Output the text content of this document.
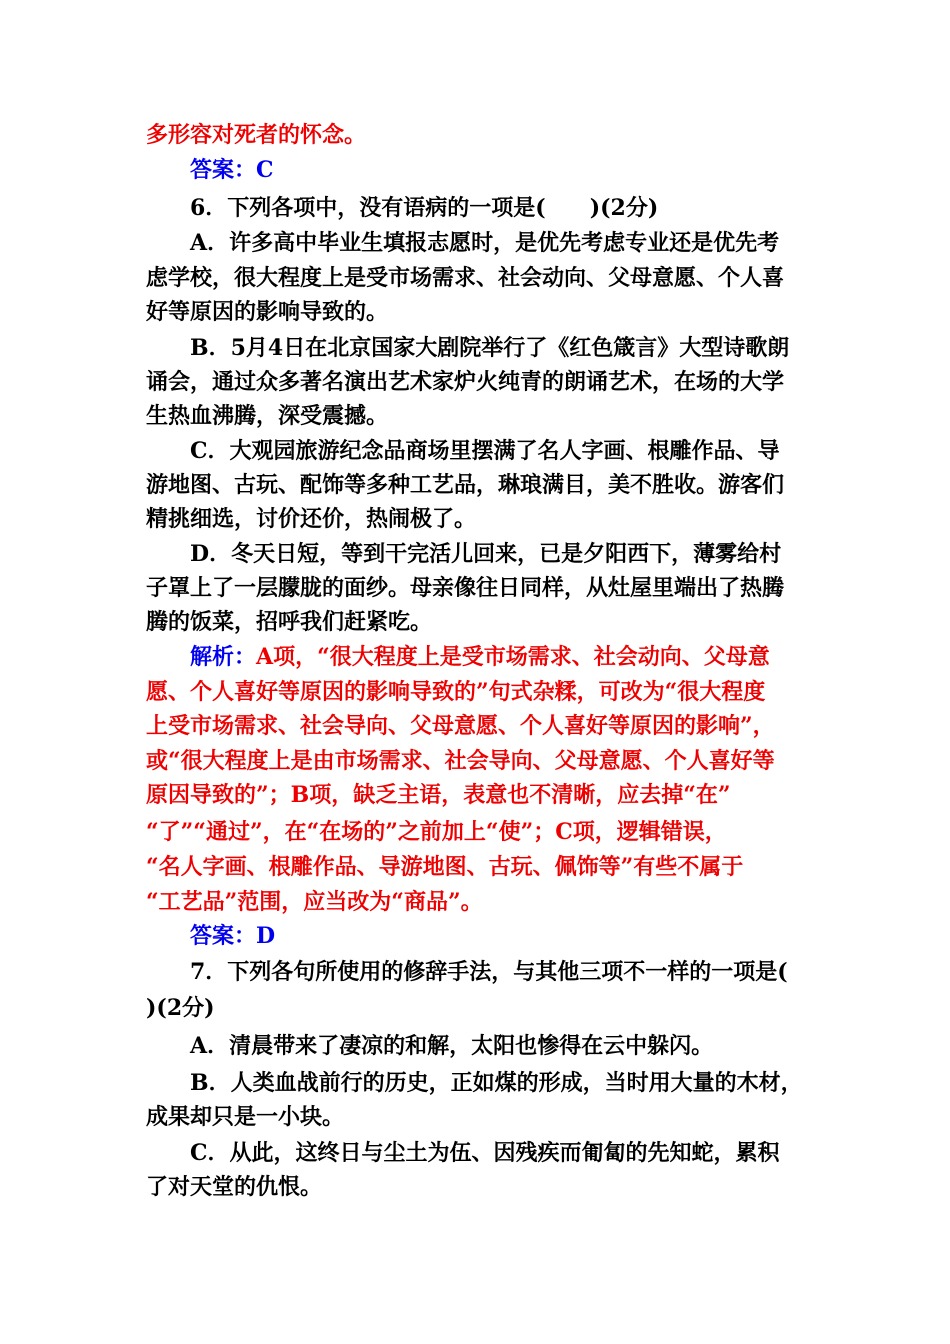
多形容对死者的怀念。
答案：C
6．下列各项中，没有语病的一项是(　　)(2分)
A．许多高中毕业生填报志愿时，是优先考虑专业还是优先考
虑学校，很大程度上是受市场需求、社会动向、父母意愿、个人喜
好等原因的影响导致的。
B．5月4日在北京国家大剧院举行了《红色箴言》大型诗歌朗
诵会，通过众多著名演出艺术家炉火纯青的朗诵艺术，在场的大学
生热血沸腾，深受震撼。
C．大观园旅游纪念品商场里摆满了名人字画、根雕作品、导
游地图、古玩、配饰等多种工艺品，琳琅满目，美不胜收。游客们
精挑细选，讨价还价，热闹极了。
D．冬天日短，等到干完活儿回来，已是夕阳西下，薄雾给村
子罩上了一层朦胧的面纱。母亲像往日同样，从灶屋里端出了热腾
腾的饭菜，招呼我们赶紧吃。
解析：A项，“很大程度上是受市场需求、社会动向、父母意
愿、个人喜好等原因的影响导致的”句式杂糅，可改为“很大程度
上受市场需求、社会导向、父母意愿、个人喜好等原因的影响”，
或“很大程度上是由市场需求、社会导向、父母意愿、个人喜好等
原因导致的”；B项，缺乏主语，表意也不清晰，应去掉“在”
“了”“通过”，在“在场的”之前加上“使”；C项，逻辑错误，
“名人字画、根雕作品、导游地图、古玩、佩饰等”有些不属于
“工艺品”范围，应当改为“商品”。
答案：D
7．下列各句所使用的修辞手法，与其他三项不一样的一项是(
)(2分)
A．清晨带来了凄凉的和解，太阳也惨得在云中躲闪。
B．人类血战前行的历史，正如煤的形成，当时用大量的木材，
成果却只是一小块。
C．从此，这终日与尘土为伍、因残疾而匍匐的先知蛇，累积
了对天堂的仇恨。
